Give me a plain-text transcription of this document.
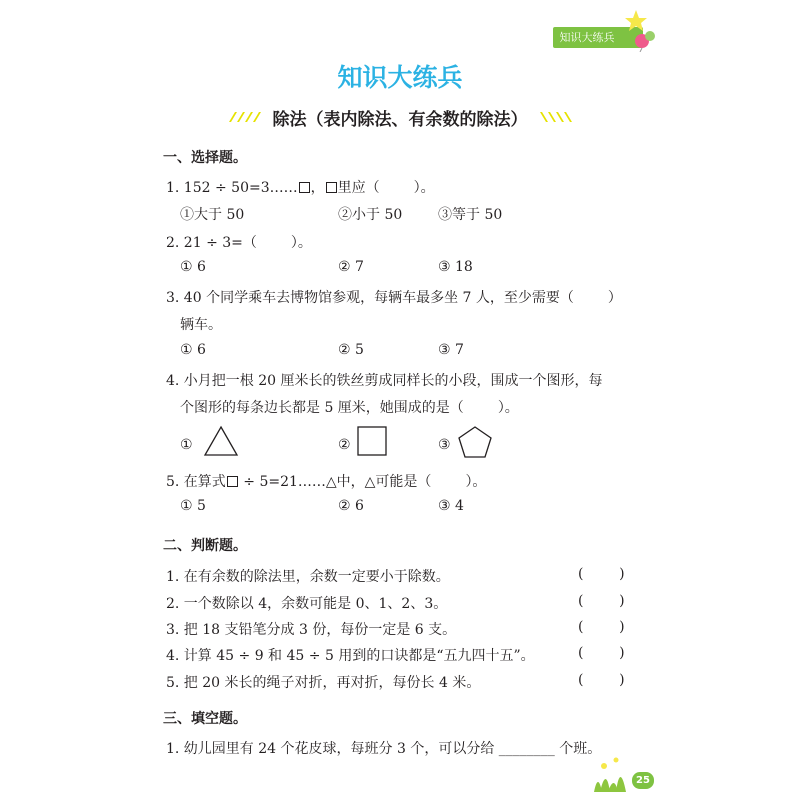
知识大练兵
知识大练兵
除法（表内除法、有余数的除法）
一、选择题。
1. 152 ÷ 50=3…… ， 里应（ ）。
①大于 50	②小于 50	③等于 50
2. 21 ÷ 3=（ ）。
① 6	② 7	③ 18
3. 40 个同学乘车去博物馆参观，每辆车最多坐 7 人，至少需要（ ）
辆车。
① 6	② 5	③ 7
4. 小月把一根 20 厘米长的铁丝剪成同样长的小段，围成一个图形，每
个图形的每条边长都是 5 厘米，她围成的是（ ）。
①	②	③
5. 在算式 ÷ 5=21……△中，△可能是（ ）。
① 5	② 6	③ 4
二、判断题。
1. 在有余数的除法里，余数一定要小于除数。	(        )
2. 一个数除以 4，余数可能是 0、1、2、3。	(        )
3. 把 18 支铅笔分成 3 份，每份一定是 6 支。	(        )
4. 计算 45 ÷ 9 和 45 ÷ 5 用到的口诀都是“五九四十五”。	(        )
5. 把 20 米长的绳子对折，再对折，每份长 4 米。	(        )
三、填空题。
1. 幼儿园里有 24 个花皮球，每班分 3 个，可以分给 ________ 个班。
25
